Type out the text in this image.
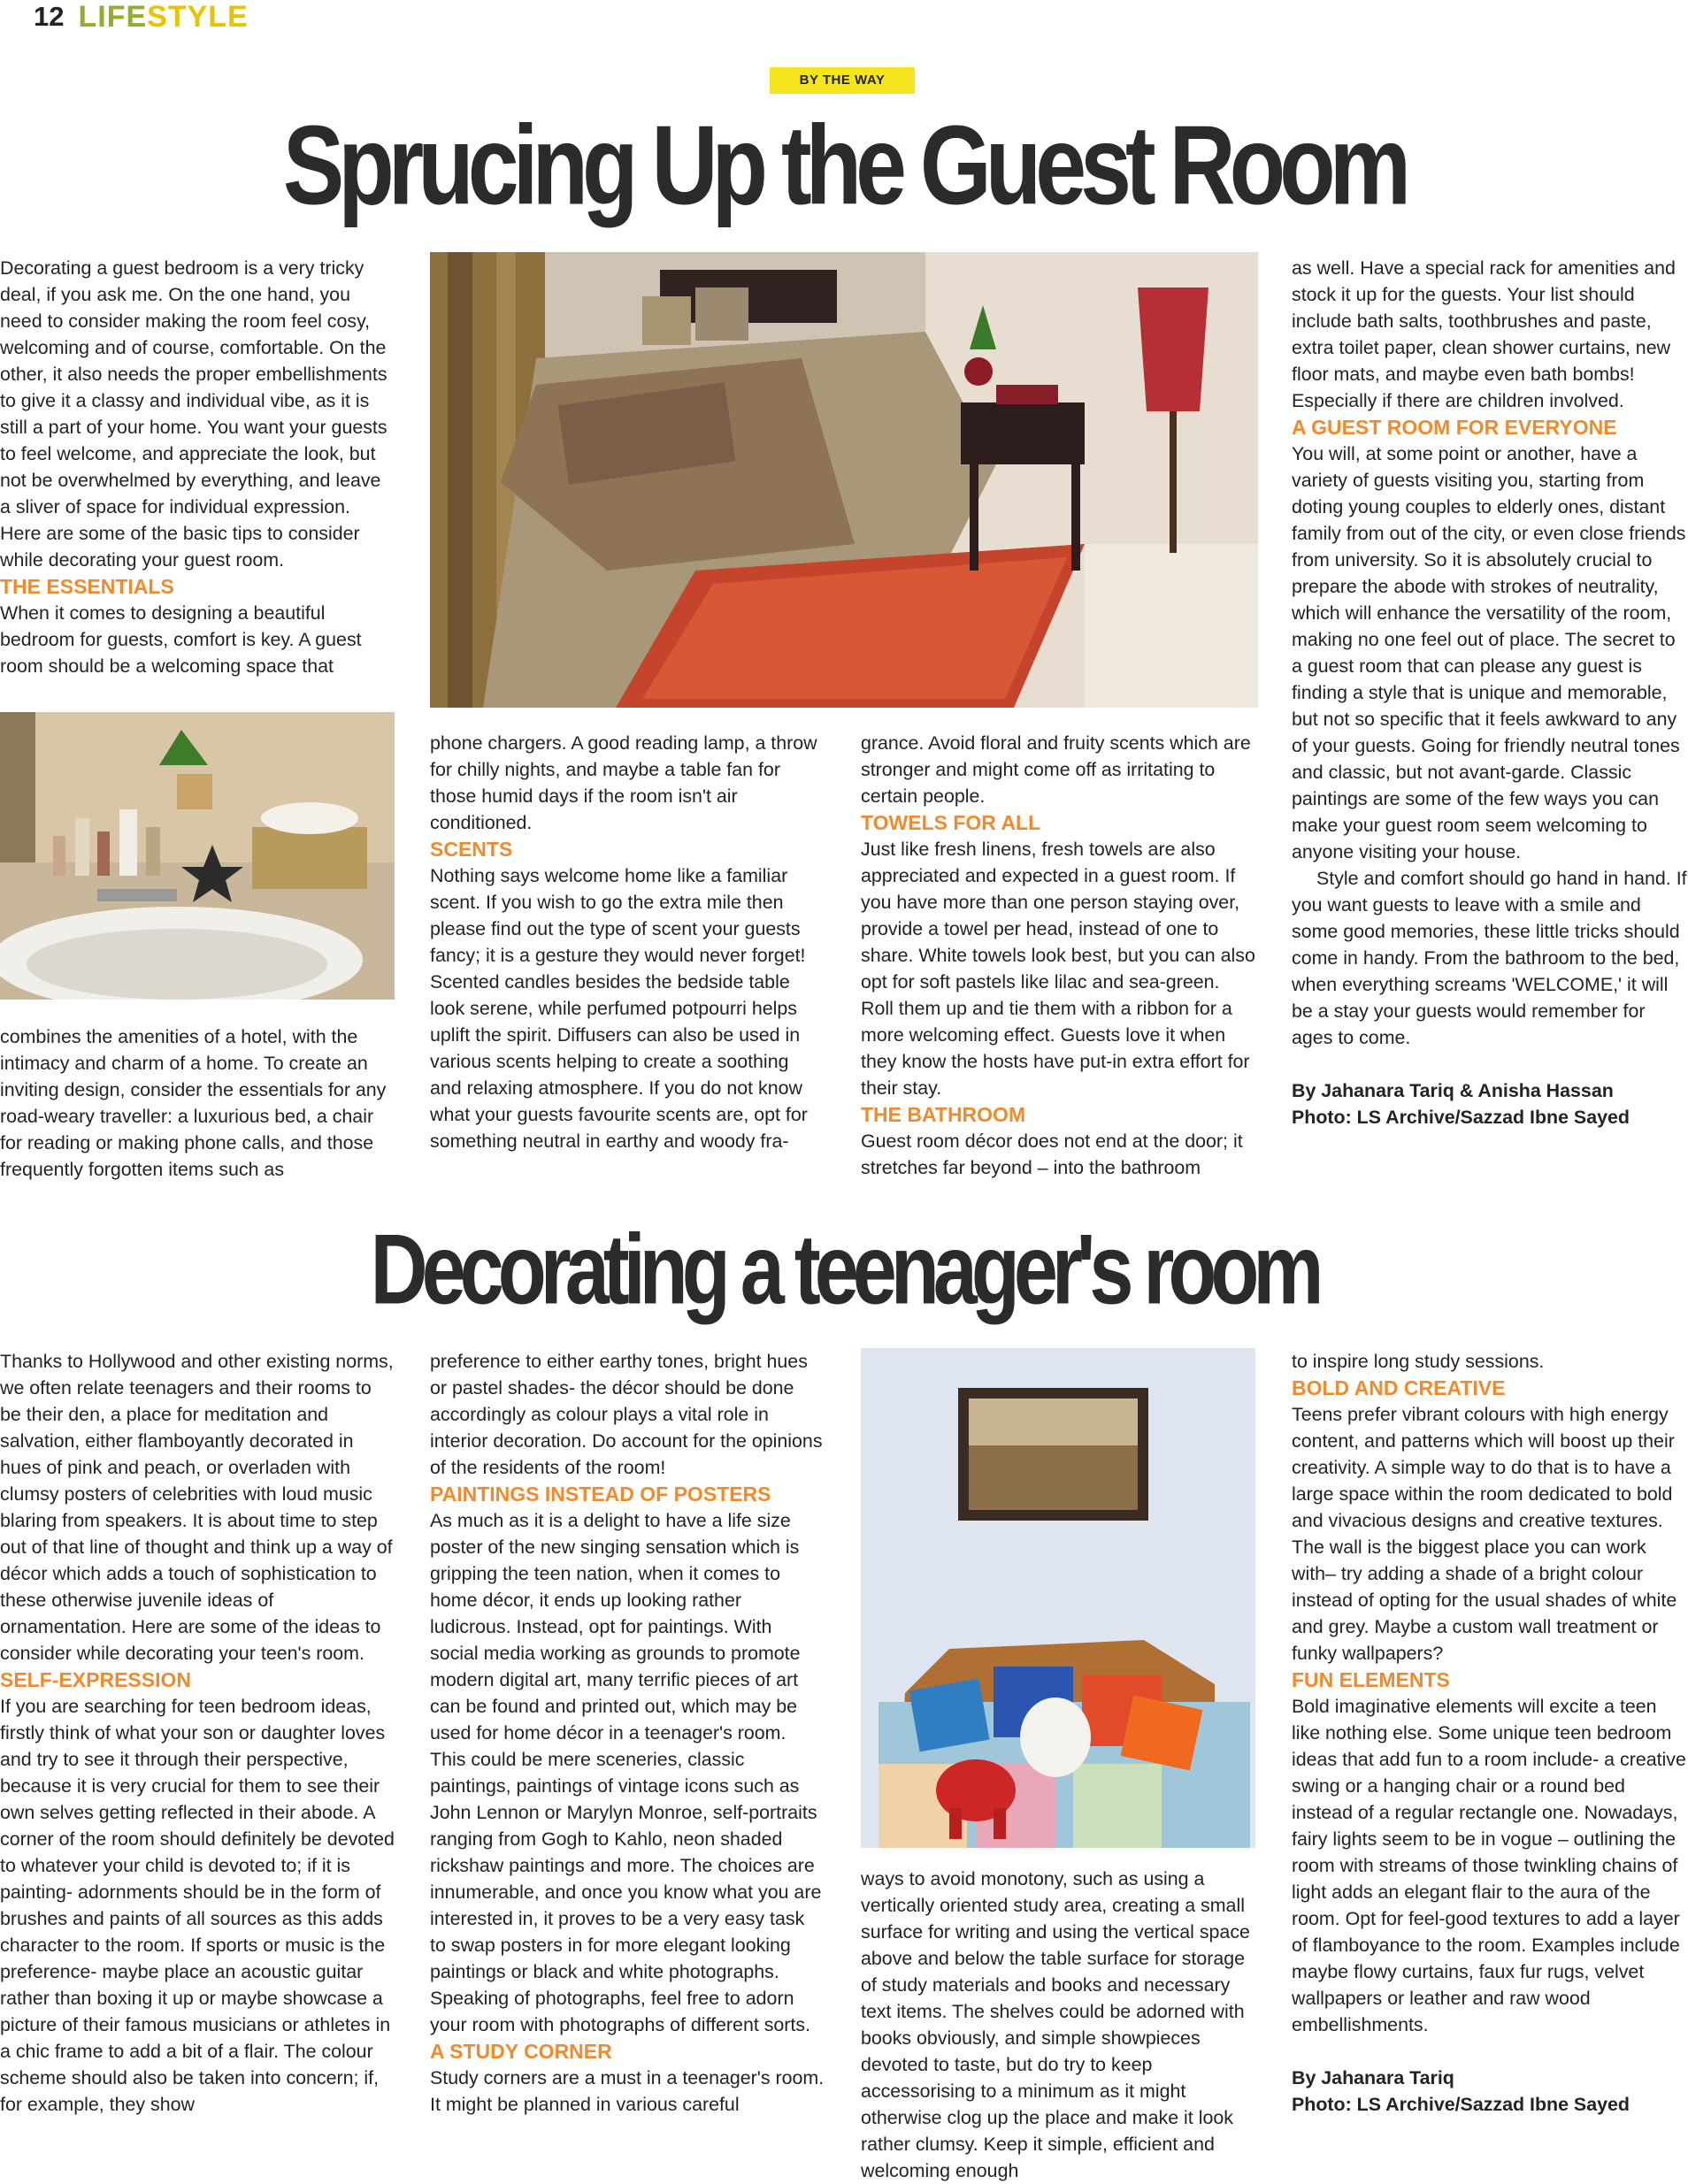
12 LIFESTYLE
BY THE WAY
Sprucing Up the Guest Room

Decorating a guest bedroom is a very tricky deal, if you ask me. On the one hand, you need to consider making the room feel cosy, welcoming and of course, comfortable. On the other, it also needs the proper embellishments to give it a classy and individual vibe, as it is still a part of your home. You want your guests to feel welcome, and appreciate the look, but not be overwhelmed by everything, and leave a sliver of space for individual expression. Here are some of the basic tips to consider while decorating your guest room.

THE ESSENTIALS

When it comes to designing a beautiful bedroom for guests, comfort is key. A guest room should be a welcoming space that

combines the amenities of a hotel, with the intimacy and charm of a home. To create an inviting design, consider the essentials for any road-weary traveller: a luxurious bed, a chair for reading or making phone calls, and those frequently forgotten items such as

phone chargers. A good reading lamp, a throw for chilly nights, and maybe a table fan for those humid days if the room isn't air conditioned.

SCENTS

Nothing says welcome home like a familiar scent. If you wish to go the extra mile then please find out the type of scent your guests fancy; it is a gesture they would never forget! Scented candles besides the bedside table look serene, while perfumed potpourri helps uplift the spirit. Diffusers can also be used in various scents helping to create a soothing and relaxing atmosphere. If you do not know what your guests favourite scents are, opt for something neutral in earthy and woody fra-

grance. Avoid floral and fruity scents which are stronger and might come off as irritating to certain people.

TOWELS FOR ALL

Just like fresh linens, fresh towels are also appreciated and expected in a guest room. If you have more than one person staying over, provide a towel per head, instead of one to share. White towels look best, but you can also opt for soft pastels like lilac and sea-green. Roll them up and tie them with a ribbon for a more welcoming effect. Guests love it when they know the hosts have put-in extra effort for their stay.

THE BATHROOM

Guest room décor does not end at the door; it stretches far beyond – into the bathroom

as well. Have a special rack for amenities and stock it up for the guests. Your list should include bath salts, toothbrushes and paste, extra toilet paper, clean shower curtains, new floor mats, and maybe even bath bombs! Especially if there are children involved.

A GUEST ROOM FOR EVERYONE

You will, at some point or another, have a variety of guests visiting you, starting from doting young couples to elderly ones, distant family from out of the city, or even close friends from university. So it is absolutely crucial to prepare the abode with strokes of neutrality, which will enhance the versatility of the room, making no one feel out of place. The secret to a guest room that can please any guest is finding a style that is unique and memorable, but not so specific that it feels awkward to any of your guests. Going for friendly neutral tones and classic, but not avant-garde. Classic paintings are some of the few ways you can make your guest room seem welcoming to anyone visiting your house.

Style and comfort should go hand in hand. If you want guests to leave with a smile and some good memories, these little tricks should come in handy. From the bathroom to the bed, when everything screams 'WELCOME,' it will be a stay your guests would remember for ages to come.

By Jahanara Tariq & Anisha Hassan

Photo: LS Archive/Sazzad Ibne Sayed

Decorating a teenager's room

Thanks to Hollywood and other existing norms, we often relate teenagers and their rooms to be their den, a place for meditation and salvation, either flamboyantly decorated in hues of pink and peach, or overladen with clumsy posters of celebrities with loud music blaring from speakers. It is about time to step out of that line of thought and think up a way of décor which adds a touch of sophistication to these otherwise juvenile ideas of ornamentation. Here are some of the ideas to consider while decorating your teen's room.

SELF-EXPRESSION

If you are searching for teen bedroom ideas, firstly think of what your son or daughter loves and try to see it through their perspective, because it is very crucial for them to see their own selves getting reflected in their abode. A corner of the room should definitely be devoted to whatever your child is devoted to; if it is painting- adornments should be in the form of brushes and paints of all sources as this adds character to the room. If sports or music is the preference- maybe place an acoustic guitar rather than boxing it up or maybe showcase a picture of their famous musicians or athletes in a chic frame to add a bit of a flair. The colour scheme should also be taken into concern; if, for example, they show

preference to either earthy tones, bright hues or pastel shades- the décor should be done accordingly as colour plays a vital role in interior decoration. Do account for the opinions of the residents of the room!

PAINTINGS INSTEAD OF POSTERS

As much as it is a delight to have a life size poster of the new singing sensation which is gripping the teen nation, when it comes to home décor, it ends up looking rather ludicrous. Instead, opt for paintings. With social media working as grounds to promote modern digital art, many terrific pieces of art can be found and printed out, which may be used for home décor in a teenager's room. This could be mere sceneries, classic paintings, paintings of vintage icons such as John Lennon or Marylyn Monroe, self-portraits ranging from Gogh to Kahlo, neon shaded rickshaw paintings and more. The choices are innumerable, and once you know what you are interested in, it proves to be a very easy task to swap posters in for more elegant looking paintings or black and white photographs. Speaking of photographs, feel free to adorn your room with photographs of different sorts.

A STUDY CORNER

Study corners are a must in a teenager's room. It might be planned in various careful

ways to avoid monotony, such as using a vertically oriented study area, creating a small surface for writing and using the vertical space above and below the table surface for storage of study materials and books and necessary text items. The shelves could be adorned with books obviously, and simple showpieces devoted to taste, but do try to keep accessorising to a minimum as it might otherwise clog up the place and make it look rather clumsy. Keep it simple, efficient and welcoming enough

to inspire long study sessions.

BOLD AND CREATIVE

Teens prefer vibrant colours with high energy content, and patterns which will boost up their creativity. A simple way to do that is to have a large space within the room dedicated to bold and vivacious designs and creative textures. The wall is the biggest place you can work with– try adding a shade of a bright colour instead of opting for the usual shades of white and grey. Maybe a custom wall treatment or funky wallpapers?

FUN ELEMENTS

Bold imaginative elements will excite a teen like nothing else. Some unique teen bedroom ideas that add fun to a room include- a creative swing or a hanging chair or a round bed instead of a regular rectangle one. Nowadays, fairy lights seem to be in vogue – outlining the room with streams of those twinkling chains of light adds an elegant flair to the aura of the room. Opt for feel-good textures to add a layer of flamboyance to the room. Examples include maybe flowy curtains, faux fur rugs, velvet wallpapers or leather and raw wood embellishments.

By Jahanara Tariq

Photo: LS Archive/Sazzad Ibne Sayed
